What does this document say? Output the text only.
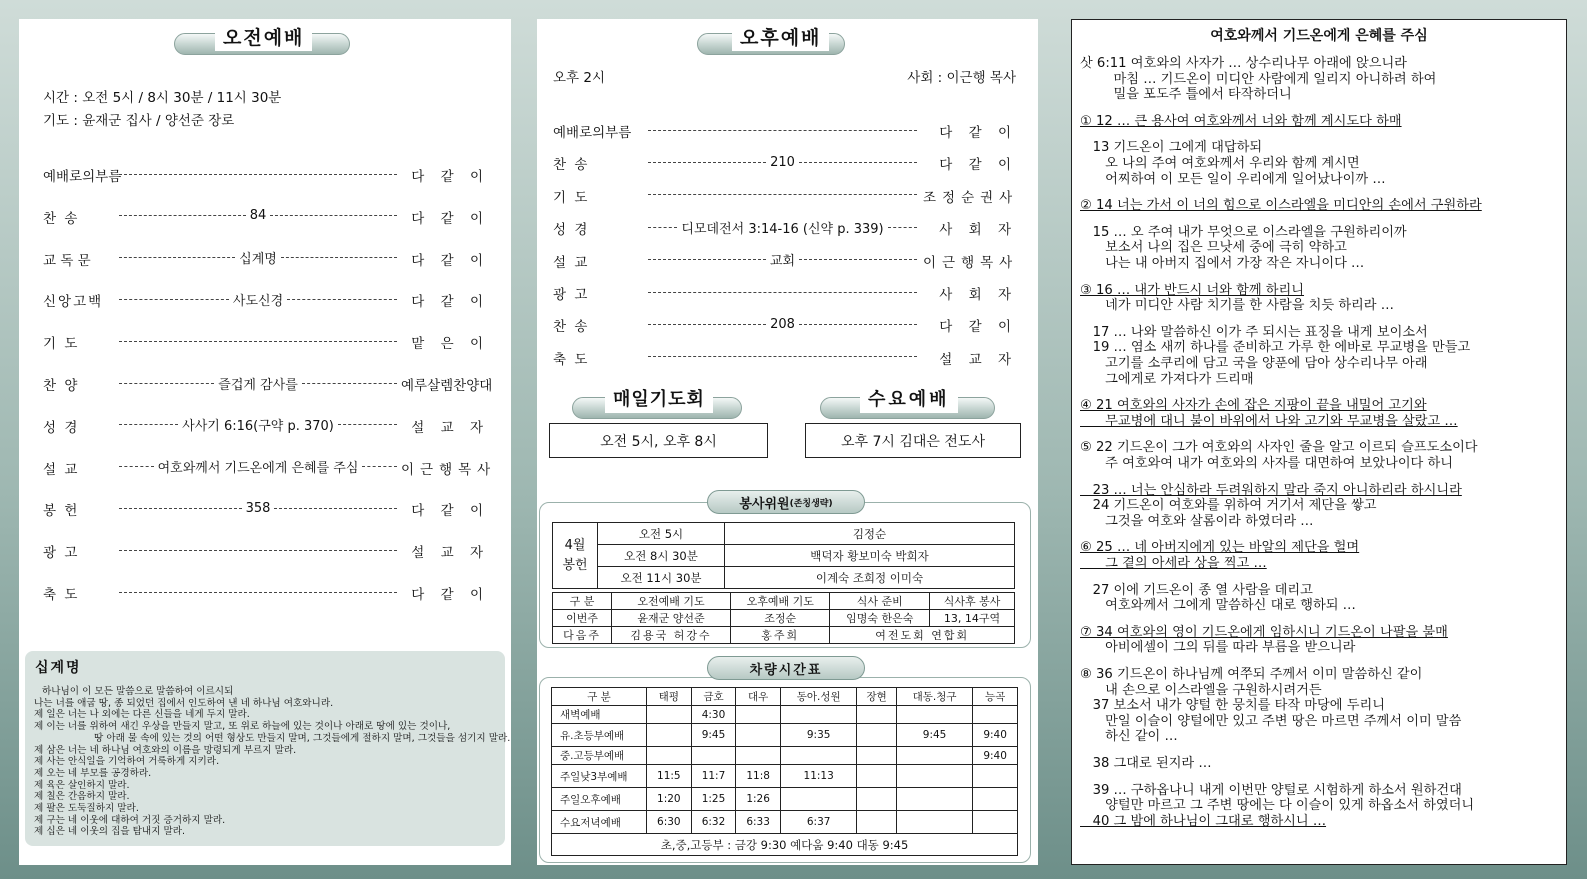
오전예배
시간 : 오전 5시 / 8시 30분 / 11시 30분
기도 : 윤재군 집사 / 양선준 장로
예배로의부름	다 같 이
찬 송	84	다 같 이
교 독 문	십계명	다 같 이
신앙고백	사도신경	다 같 이
기 도	맡 은 이
찬 양	즐겁게 감사를	예루살렘찬양대
성 경	사사기 6:16(구약 p. 370)	설 교 자
설 교	여호와께서 기드온에게 은혜를 주심	이근행목사
봉 헌	358	다 같 이
광 고	설 교 자
축 도	다 같 이
십계명
하나님이 이 모든 말씀으로 말씀하여 이르시되
나는 너를 애굽 땅, 종 되었던 집에서 인도하여 낸 네 하나님 여호와니라.
제 일은 너는 나 외에는 다른 신들을 네게 두지 말라.
제 이는 너를 위하여 새긴 우상을 만들지 말고, 또 위로 하늘에 있는 것이나 아래로 땅에 있는 것이나,
땅 아래 물 속에 있는 것의 어떤 형상도 만들지 말며, 그것들에게 절하지 말며, 그것들을 섬기지 말라.
제 삼은 너는 네 하나님 여호와의 이름을 망령되게 부르지 말라.
제 사는 안식일을 기억하여 거룩하게 지키라.
제 오는 네 부모를 공경하라.
제 육은 살인하지 말라.
제 칠은 간음하지 말라.
제 팔은 도둑질하지 말라.
제 구는 네 이웃에 대하여 거짓 증거하지 말라.
제 십은 네 이웃의 집을 탐내지 말라.
오후예배
오후 2시	사회 : 이근행 목사
예배로의부름	다 같 이
찬 송	210	다 같 이
기 도	조정순권사
성 경	디모데전서 3:14-16 (신약 p. 339)	사 회 자
설 교	교회	이근행목사
광 고	사 회 자
찬 송	208	다 같 이
축 도	설 교 자
매일기도회	수요예배
오전 5시, 오후 8시	오후 7시 김대은 전도사
봉사위원 (존칭생략)
4월
봉헌	오전 5시	김정순
	오전 8시 30분	백덕자 황보미숙 박희자
	오전 11시 30분	이계숙 조희정 이미숙
구 분	오전예배 기도	오후예배 기도	식사 준비	식사후 봉사
이번주	윤재군 양선준	조정순	임명숙 한은숙	13, 14구역
다음주	김용국 허강수	홍주희	여전도회 연합회	
차량시간표
구 분	태평	금호	대우	동아.성원	장현	대동.청구	능곡
새벽예배		4:30					
유.초등부예배		9:45		9:35		9:45	9:40
중.고등부예배							9:40
주일낮3부예배	11:5	11:7	11:8	11:13			
주일오후예배	1:20	1:25	1:26				
수요저녁예배	6:30	6:32	6:33	6:37			
초,중,고등부 : 금강 9:30 예다움 9:40 대동 9:45							
여호와께서 기드온에게 은혜를 주심
삿 6:11 여호와의 사자가 … 상수리나무 아래에 앉으니라
마침 … 기드온이 미디안 사람에게 일리지 아니하려 하여
밀을 포도주 틀에서 타작하더니
① 12 … 큰 용사여 여호와께서 너와 함께 계시도다 하매
13 기드온이 그에게 대답하되
오 나의 주여 여호와께서 우리와 함께 계시면
어찌하여 이 모든 일이 우리에게 일어났나이까 …
② 14 너는 가서 이 너의 힘으로 이스라엘을 미디안의 손에서 구원하라
15 … 오 주여 내가 무엇으로 이스라엘을 구원하리이까
보소서 나의 집은 므낫세 중에 극히 약하고
나는 내 아버지 집에서 가장 작은 자니이다 …
③ 16 … 내가 반드시 너와 함께 하리니
네가 미디안 사람 치기를 한 사람을 치듯 하리라 …
17 … 나와 말씀하신 이가 주 되시는 표징을 내게 보이소서
19 … 염소 새끼 하나를 준비하고 가루 한 에바로 무교병을 만들고
고기를 소쿠리에 담고 국을 양푼에 담아 상수리나무 아래
그에게로 가져다가 드리매
④ 21 여호와의 사자가 손에 잡은 지팡이 끝을 내밀어 고기와
무교병에 대니 불이 바위에서 나와 고기와 무교병을 살랐고 …
⑤ 22 기드온이 그가 여호와의 사자인 줄을 알고 이르되 슬프도소이다
주 여호와여 내가 여호와의 사자를 대면하여 보았나이다 하니
23 … 너는 안심하라 두려워하지 말라 죽지 아니하리라 하시니라
24 기드온이 여호와를 위하여 거기서 제단을 쌓고
그것을 여호와 살롬이라 하였더라 …
⑥ 25 … 네 아버지에게 있는 바알의 제단을 헐며
그 곁의 아세라 상을 찍고 …
27 이에 기드온이 종 열 사람을 데리고
여호와께서 그에게 말씀하신 대로 행하되 …
⑦ 34 여호와의 영이 기드온에게 임하시니 기드온이 나팔을 불매
아비에셀이 그의 뒤를 따라 부름을 받으니라
⑧ 36 기드온이 하나님께 여쭈되 주께서 이미 말씀하신 같이
내 손으로 이스라엘을 구원하시려거든
37 보소서 내가 양털 한 뭉치를 타작 마당에 두리니
만일 이슬이 양털에만 있고 주변 땅은 마르면 주께서 이미 말씀
하신 같이 …
38 그대로 된지라 …
39 … 구하옵나니 내게 이번만 양털로 시험하게 하소서 원하건대
양털만 마르고 그 주변 땅에는 다 이슬이 있게 하옵소서 하였더니
40 그 밤에 하나님이 그대로 행하시니 …
